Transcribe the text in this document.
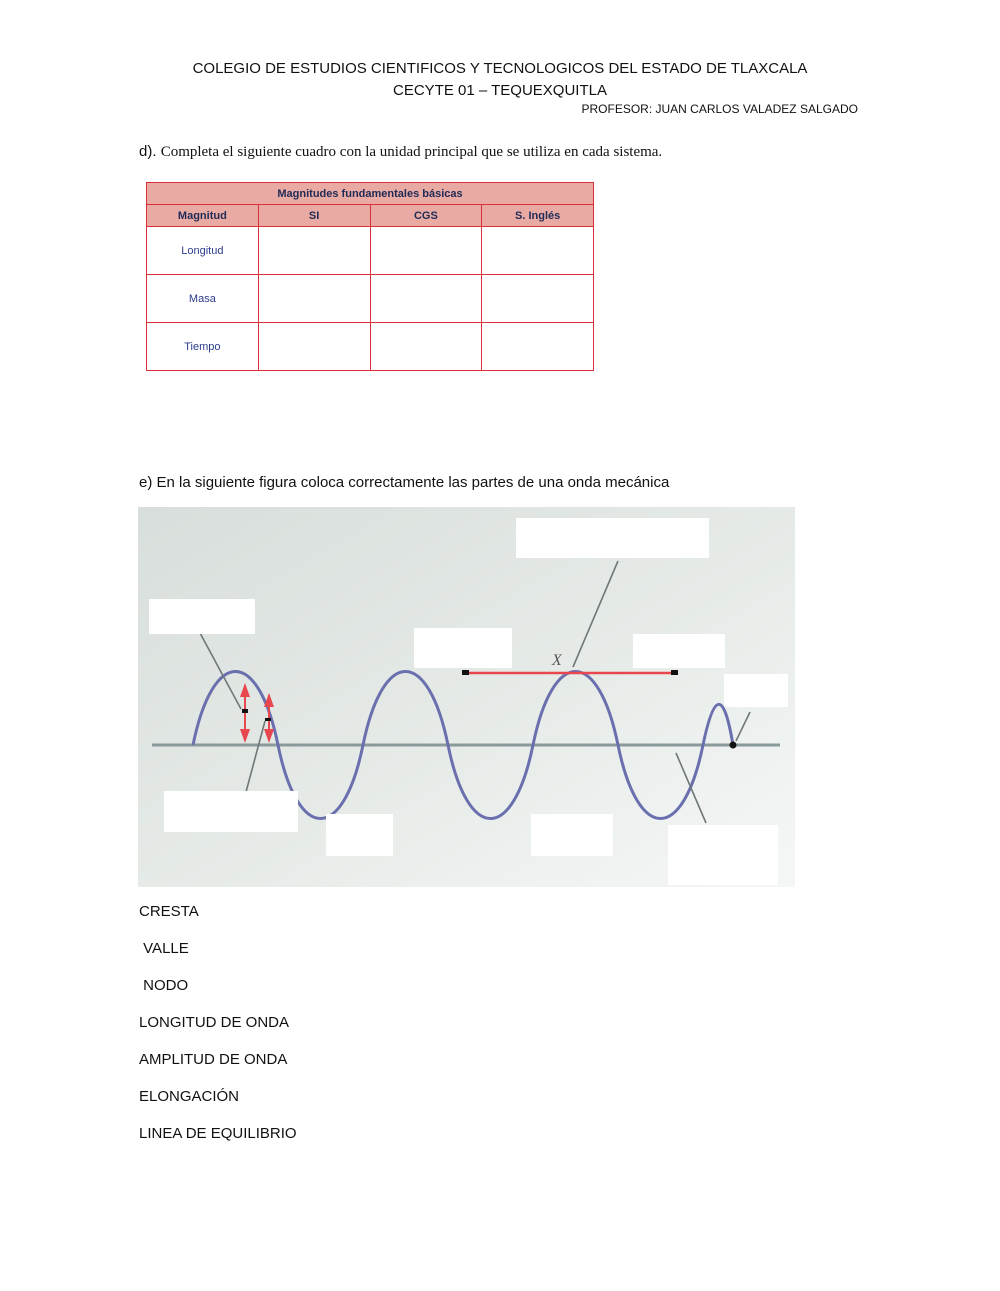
COLEGIO DE ESTUDIOS CIENTIFICOS Y TECNOLOGICOS DEL ESTADO DE TLAXCALA
CECYTE 01 – TEQUEXQUITLA
PROFESOR: JUAN CARLOS VALADEZ SALGADO
d). Completa el siguiente cuadro con la unidad principal que se utiliza en cada sistema.
Magnitudes fundamentales básicas			
Magnitud	SI	CGS	S. Inglés
Longitud			
Masa			
Tiempo			
e) En la siguiente figura coloca correctamente las partes de una onda mecánica
X
CRESTA
VALLE
NODO
LONGITUD DE ONDA
AMPLITUD DE ONDA
ELONGACIÓN
LINEA DE EQUILIBRIO
